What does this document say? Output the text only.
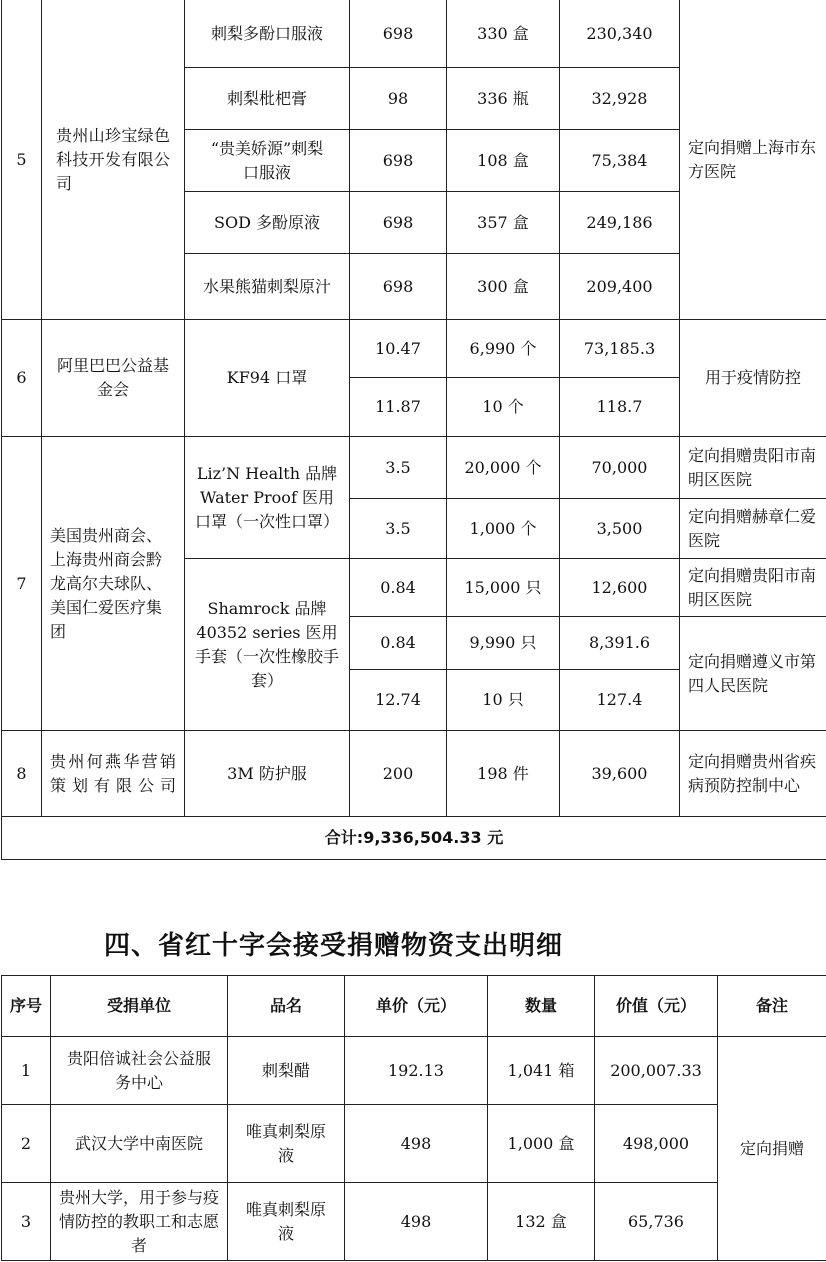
5	贵州山珍宝绿色科技开发有限公司	刺梨多酚口服液	698	330 盒	230,340	定向捐赠上海市东方医院
		刺梨枇杷膏	98	336 瓶	32,928	
		“贵美娇源”刺梨口服液	698	108 盒	75,384	
		SOD 多酚原液	698	357 盒	249,186	
		水果熊猫刺梨原汁	698	300 盒	209,400	
6	阿里巴巴公益基金会	KF94 口罩	10.47	6,990 个	73,185.3	用于疫情防控
			11.87	10 个	118.7	
7	美国贵州商会、上海贵州商会黔龙高尔夫球队、美国仁爱医疗集团	Liz’N Health 品牌 Water Proof 医用口罩（一次性口罩）	3.5	20,000 个	70,000	定向捐赠贵阳市南明区医院
			3.5	1,000 个	3,500	定向捐赠赫章仁爱医院
		Shamrock 品牌 40352 series 医用手套（一次性橡胶手套）	0.84	15,000 只	12,600	定向捐赠贵阳市南明区医院
			0.84	9,990 只	8,391.6	定向捐赠遵义市第四人民医院
			12.74	10 只	127.4	
8	贵州何燕华营销策划有限公司	3M 防护服	200	198 件	39,600	定向捐赠贵州省疾病预防控制中心
合计:9,336,504.33 元						
四、省红十字会接受捐赠物资支出明细
序号	受捐单位	品名	单价（元）	数量	价值（元）	备注
1	贵阳倍诚社会公益服务中心	刺梨醋	192.13	1,041 箱	200,007.33	定向捐赠
2	武汉大学中南医院	唯真刺梨原液	498	1,000 盒	498,000	
3	贵州大学，用于参与疫情防控的教职工和志愿者	唯真刺梨原液	498	132 盒	65,736	
